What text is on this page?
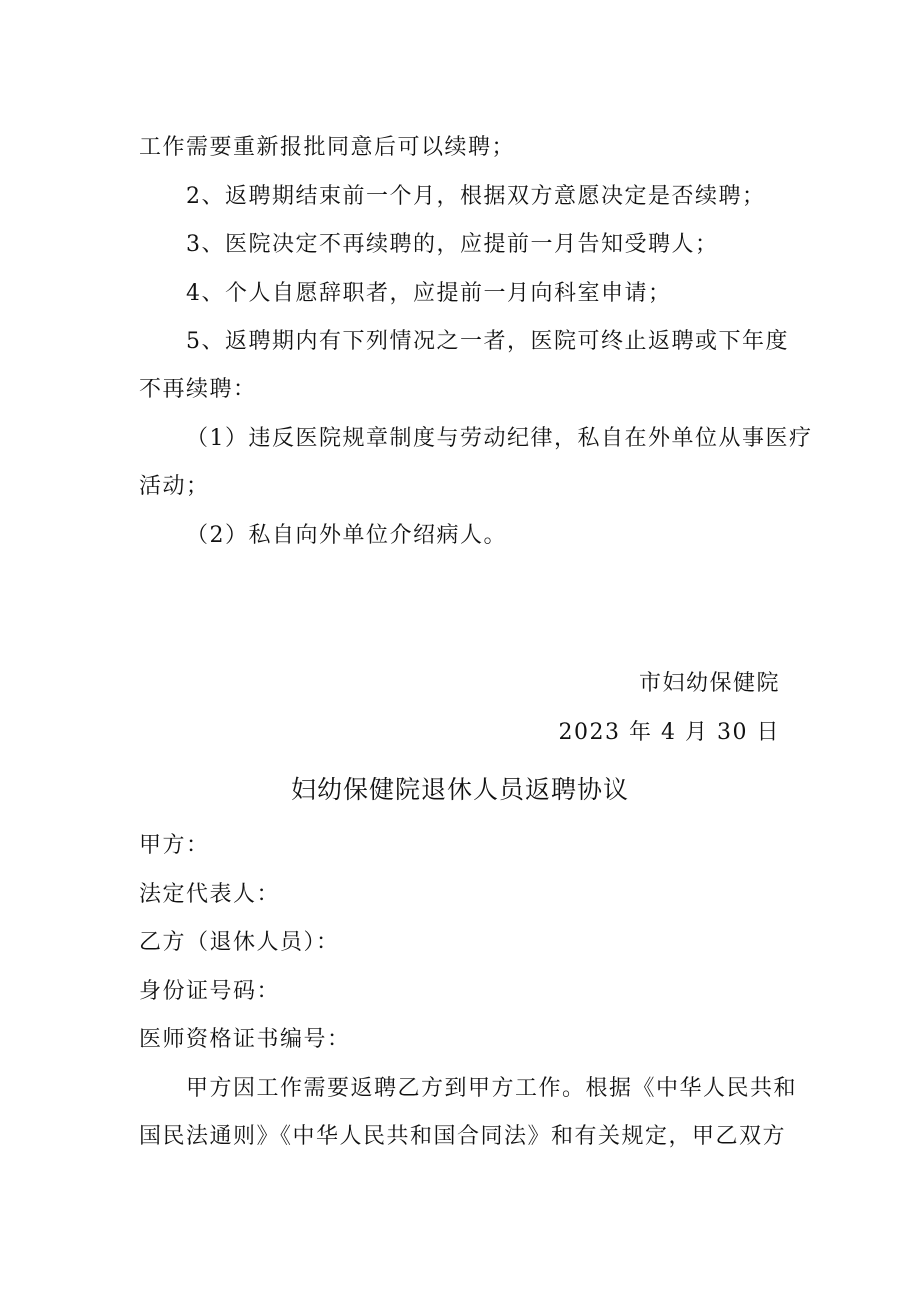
工作需要重新报批同意后可以续聘；
2、返聘期结束前一个月，根据双方意愿决定是否续聘；
3、医院决定不再续聘的，应提前一月告知受聘人；
4、个人自愿辞职者，应提前一月向科室申请；
5、返聘期内有下列情况之一者，医院可终止返聘或下年度
不再续聘：
（1）违反医院规章制度与劳动纪律，私自在外单位从事医疗
活动；
（2）私自向外单位介绍病人。
市妇幼保健院
2023 年 4 月 30 日
妇幼保健院退休人员返聘协议
甲方：
法定代表人：
乙方（退休人员）：
身份证号码：
医师资格证书编号：
甲方因工作需要返聘乙方到甲方工作。根据《中华人民共和
国民法通则》《中华人民共和国合同法》和有关规定，甲乙双方
